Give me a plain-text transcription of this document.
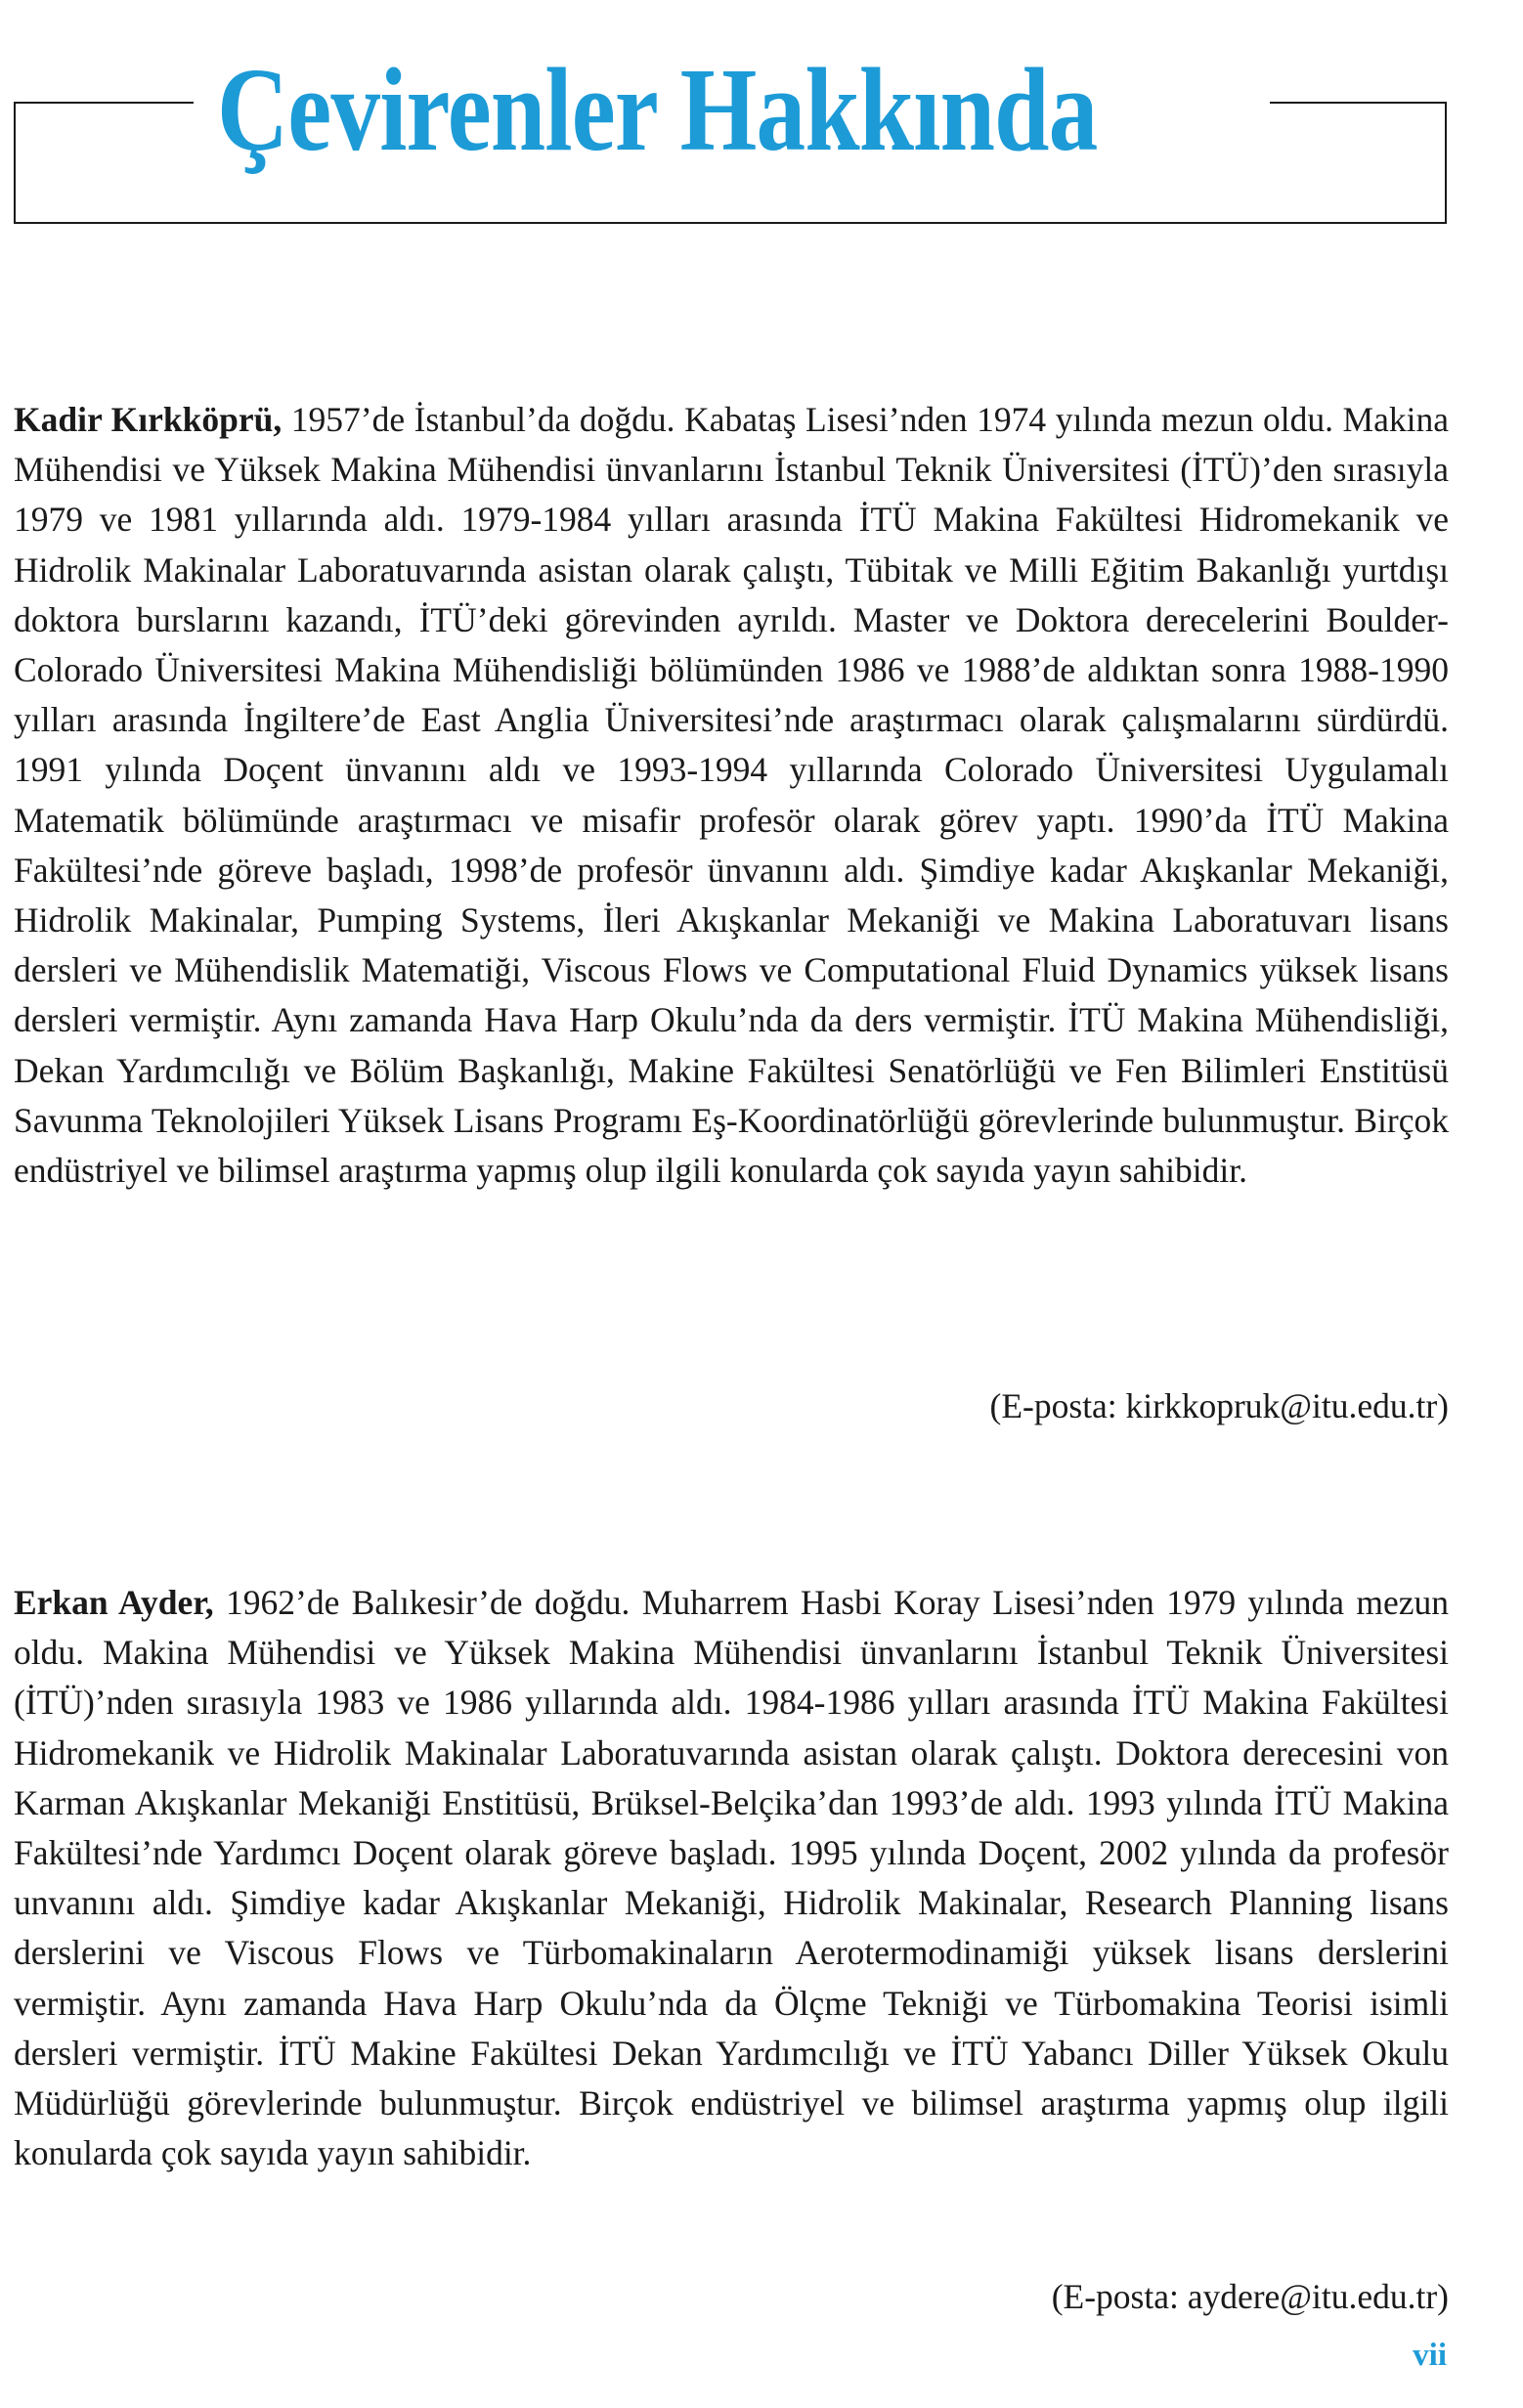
Çevirenler Hakkında

Kadir Kırkköprü, 1957’de İstanbul’da doğdu. Kabataş Lisesi’nden 1974 yılında mezun oldu. Makina Mühendisi ve Yüksek Makina Mühendisi ünvanlarını İstanbul Teknik Üniversitesi (İTÜ)’den sırasıyla 1979 ve 1981 yıllarında aldı. 1979-1984 yılları arasında İTÜ Makina Fakültesi Hidromekanik ve Hidrolik Makinalar Laboratuvarında asistan olarak çalıştı, Tübitak ve Milli Eğitim Bakanlığı yurtdışı doktora burslarını kazandı, İTÜ’deki görevinden ayrıldı. Master ve Doktora derecelerini Boulder-Colorado Üniversitesi Makina Mühendisliği bölümünden 1986 ve 1988’de aldıktan sonra 1988-1990 yılları arasında İngiltere’de East Anglia Üniversitesi’nde araştırmacı olarak çalışmalarını sürdürdü. 1991 yılında Doçent ünvanını aldı ve 1993-1994 yıllarında Colorado Üniversitesi Uygulamalı Matematik bölümünde araştırmacı ve misafir profesör olarak görev yaptı. 1990’da İTÜ Makina Fakültesi’nde göreve başladı, 1998’de profesör ünvanını aldı. Şimdiye kadar Akışkanlar Mekaniği, Hidrolik Makinalar, Pumping Systems, İleri Akışkanlar Mekaniği ve Makina Laboratuvarı lisans dersleri ve Mühendislik Matematiği, Viscous Flows ve Computational Fluid Dynamics yüksek lisans dersleri vermiştir. Aynı zamanda Hava Harp Okulu’nda da ders vermiştir. İTÜ Makina Mühendisliği, Dekan Yardımcılığı ve Bölüm Başkanlığı, Makine Fakültesi Senatörlüğü ve Fen Bilimleri Enstitüsü Savunma Teknolojileri Yüksek Lisans Programı Eş-Koordinatörlüğü görevlerinde bulunmuştur. Birçok endüstriyel ve bilimsel araştırma yapmış olup ilgili konularda çok sayıda yayın sahibidir.

(E-posta: kirkkopruk@itu.edu.tr)

Erkan Ayder, 1962’de Balıkesir’de doğdu. Muharrem Hasbi Koray Lisesi’nden 1979 yılında mezun oldu. Makina Mühendisi ve Yüksek Makina Mühendisi ünvanlarını İstanbul Teknik Üniversitesi (İTÜ)’nden sırasıyla 1983 ve 1986 yıllarında aldı. 1984-1986 yılları arasında İTÜ Makina Fakültesi Hidromekanik ve Hidrolik Makinalar Laboratuvarında asistan olarak çalıştı. Doktora derecesini von Karman Akışkanlar Mekaniği Enstitüsü, Brüksel-Belçika’dan 1993’de aldı. 1993 yılında İTÜ Makina Fakültesi’nde Yardımcı Doçent olarak göreve başladı. 1995 yılında Doçent, 2002 yılında da profesör unvanını aldı. Şimdiye kadar Akışkanlar Mekaniği, Hidrolik Makinalar, Research Planning lisans derslerini ve Viscous Flows ve Türbomakinaların Aerotermodinamiği yüksek lisans derslerini vermiştir. Aynı zamanda Hava Harp Okulu’nda da Ölçme Tekniği ve Türbomakina Teorisi isimli dersleri vermiştir. İTÜ Makine Fakültesi Dekan Yardımcılığı ve İTÜ Yabancı Diller Yüksek Okulu Müdürlüğü görevlerinde bulunmuştur. Birçok endüstriyel ve bilimsel araştırma yapmış olup ilgili konularda çok sayıda yayın sahibidir.

(E-posta: aydere@itu.edu.tr)

vii
